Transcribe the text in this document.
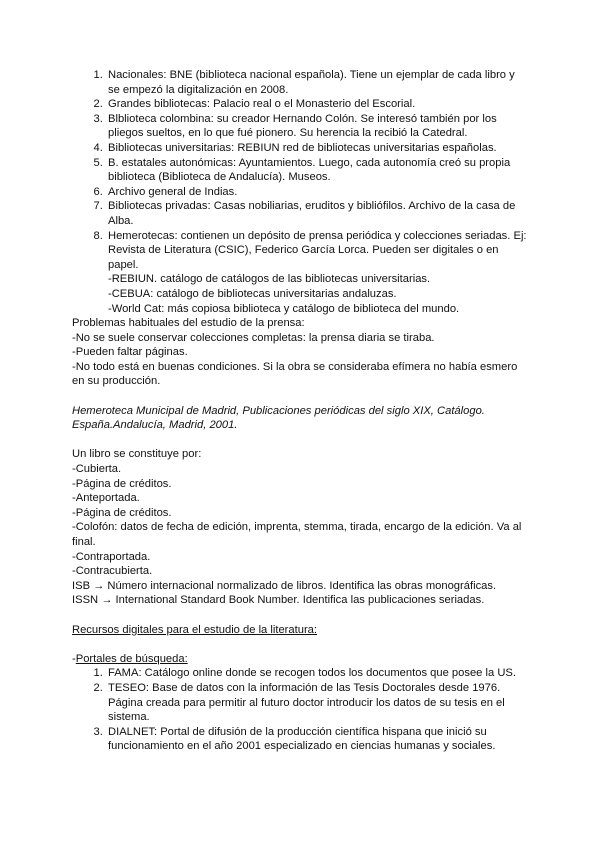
1. Nacionales: BNE (biblioteca nacional española). Tiene un ejemplar de cada libro y se empezó la digitalización en 2008.
2. Grandes bibliotecas: Palacio real o el Monasterio del Escorial.
3. Blblioteca colombina: su creador Hernando Colón. Se interesó también por los pliegos sueltos, en lo que fué pionero. Su herencia la recibió la Catedral.
4. Bibliotecas universitarias: REBIUN red de bibliotecas universitarias españolas.
5. B. estatales autonómicas: Ayuntamientos. Luego, cada autonomía creó su propia biblioteca (Biblioteca de Andalucía). Museos.
6. Archivo general de Indias.
7. Bibliotecas privadas: Casas nobiliarias, eruditos y bibliófilos. Archivo de la casa de Alba.
8. Hemerotecas: contienen un depósito de prensa periódica y colecciones seriadas. Ej: Revista de Literatura (CSIC), Federico García Lorca. Pueden ser digitales o en papel.

-REBIUN. catálogo de catálogos de las bibliotecas universitarias.

-CEBUA: catálogo de bibliotecas universitarias andaluzas.

-World Cat: más copiosa biblioteca y catálogo de biblioteca del mundo.

Problemas habituales del estudio de la prensa:

-No se suele conservar colecciones completas: la prensa diaria se tiraba.

-Pueden faltar páginas.

-No todo está en buenas condiciones. Si la obra se consideraba efímera no había esmero en su producción.

Hemeroteca Municipal de Madrid, Publicaciones periódicas del siglo XIX, Catálogo. España.Andalucía, Madrid, 2001.

Un libro se constituye por:

-Cubierta.

-Página de créditos.

-Anteportada.

-Página de créditos.

-Colofón: datos de fecha de edición, imprenta, stemma, tirada, encargo de la edición. Va al final.

-Contraportada.

-Contracubierta.

ISB → Número internacional normalizado de libros. Identifica las obras monográficas.

ISSN → International Standard Book Number. Identifica las publicaciones seriadas.

Recursos digitales para el estudio de la literatura:

-Portales de búsqueda:

1. FAMA: Catálogo online donde se recogen todos los documentos que posee la US.
2. TESEO: Base de datos con la información de las Tesis Doctorales desde 1976. Página creada para permitir al futuro doctor introducir los datos de su tesis en el sistema.
3. DIALNET: Portal de difusión de la producción científica hispana que inició su funcionamiento en el año 2001 especializado en ciencias humanas y sociales.
